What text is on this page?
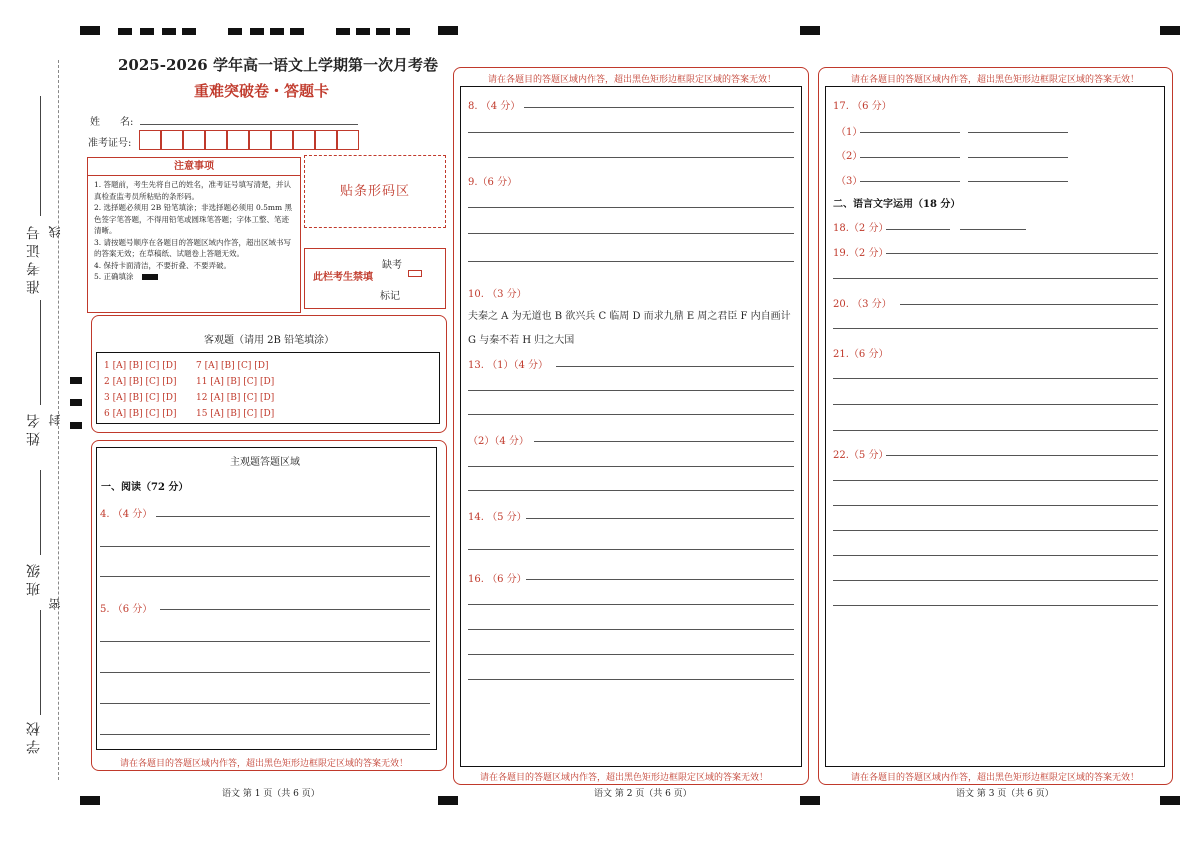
准考证号
姓名
班级
学校
线
封
密
2025-2026 学年高一语文上学期第一次月考卷
重难突破卷・答题卡
姓　　名:
准考证号:
注意事项
1. 答题前，考生先将自己的姓名，准考证号填写清楚，并认真检查监考员所粘贴的条形码。
2. 选择题必须用 2B 铅笔填涂；非选择题必须用 0.5mm 黑色签字笔答题，不得用铅笔或圆珠笔答题；字体工整、笔迹清晰。
3. 请按题号顺序在各题目的答题区域内作答，超出区域书写的答案无效；在草稿纸、试题卷上答题无效。
4. 保持卡面清洁，不要折叠、不要弄破。
5. 正确填涂
贴条形码区
此栏考生禁填
缺考
标记
客观题（请用 2B 铅笔填涂）
1 [A] [B] [C] [D]
2 [A] [B] [C] [D]
3 [A] [B] [C] [D]
6 [A] [B] [C] [D]
7 [A] [B] [C] [D]
11 [A] [B] [C] [D]
12 [A] [B] [C] [D]
15 [A] [B] [C] [D]
主观题答题区域
一、阅读（72 分）
4. （4 分）
5. （6 分）
请在各题目的答题区域内作答，超出黑色矩形边框限定区域的答案无效！
语文 第 1 页（共 6 页）
请在各题目的答题区域内作答，超出黑色矩形边框限定区域的答案无效！
8. （4 分）
9.（6 分）
10. （3 分）
夫秦之 A 为无道也 B 欲兴兵 C 临周 D 而求九鼎 E 周之君臣 F 内自画计
G 与秦不若 H 归之大国
13. （1）（4 分）
（2）（4 分）
14. （5 分）
16. （6 分）
请在各题目的答题区域内作答，超出黑色矩形边框限定区域的答案无效！
语文 第 2 页（共 6 页）
请在各题目的答题区域内作答，超出黑色矩形边框限定区域的答案无效！
17. （6 分）
（1）
（2）
（3）
二、语言文字运用（18 分）
18.（2 分）
19.（2 分）
20. （3 分）
21.（6 分）
22.（5 分）
请在各题目的答题区域内作答，超出黑色矩形边框限定区域的答案无效！
语文 第 3 页（共 6 页）
